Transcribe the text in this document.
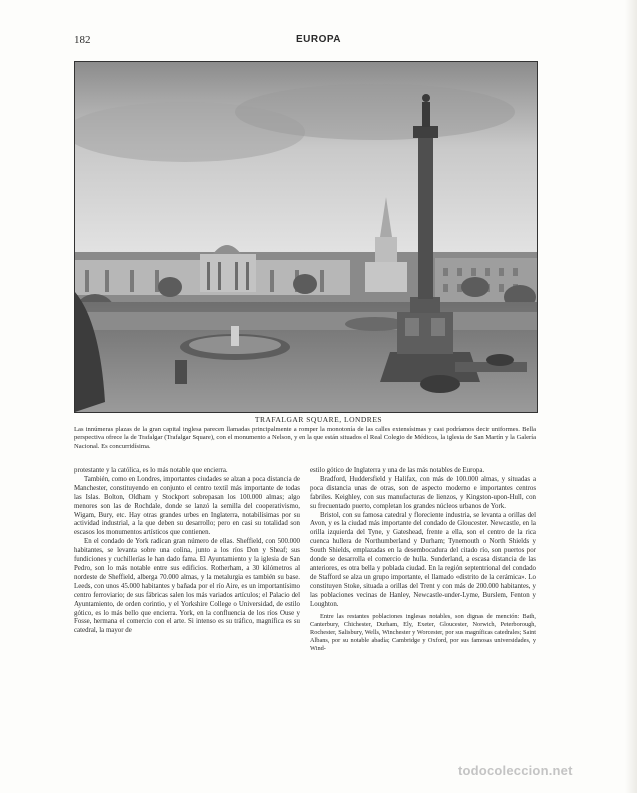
182	EUROPA
TRAFALGAR SQUARE, LONDRES
Las innúmeras plazas de la gran capital inglesa parecen llamadas principalmente a romper la monotonía de las calles extensísimas y casi podríamos decir uniformes. Bella perspectiva ofrece la de Trafalgar (Trafalgar Square), con el monumento a Nelson, y en la que están situados el Real Colegio de Médicos, la iglesia de San Martín y la Galería Nacional. Es concurridísima.

protestante y la católica, es lo más notable que encierra.

También, como en Londres, importantes ciudades se alzan a poca distancia de Manchester, constituyendo en conjunto el centro textil más importante de todas las Islas. Bolton, Oldham y Stockport sobrepasan los 100.000 almas; algo menores son las de Rochdale, donde se lanzó la semilla del cooperativismo, Wigam, Bury, etc. Hay otras grandes urbes en Inglaterra, notabilísimas por su actividad industrial, a la que deben su desarrollo; pero en casi su totalidad son escasos los monumentos artísticos que contienen.

En el condado de York radican gran número de ellas. Sheffield, con 500.000 habitantes, se levanta sobre una colina, junto a los ríos Don y Sheaf; sus fundiciones y cuchillerías le han dado fama. El Ayuntamiento y la iglesia de San Pedro, son lo más notable entre sus edificios. Rotherham, a 30 kilómetros al nordeste de Sheffield, alberga 70.000 almas, y la metalurgia es también su base. Leeds, con unos 45.000 habitantes y bañada por el río Aire, es un importantísimo centro ferroviario; de sus fábricas salen los más variados artículos; el Palacio del Ayuntamiento, de orden corintio, y el Yorkshire College o Universidad, de estilo gótico, es lo más bello que encierra. York, en la confluencia de los ríos Ouse y Fosse, hermana el comercio con el arte. Si intenso es su tráfico, magnífica es su catedral, la mayor de

estilo gótico de Inglaterra y una de las más notables de Europa.

Bradford, Huddersfield y Halifax, con más de 100.000 almas, y situadas a poca distancia unas de otras, son de aspecto moderno e importantes centros fabriles. Keighley, con sus manufacturas de lienzos, y Kingston-upon-Hull, con su frecuentado puerto, completan los grandes núcleos urbanos de York.

Bristol, con su famosa catedral y floreciente industria, se levanta a orillas del Avon, y es la ciudad más importante del condado de Gloucester. Newcastle, en la orilla izquierda del Tyne, y Gateshead, frente a ella, son el centro de la rica cuenca hullera de Northumberland y Durham; Tynemouth o North Shields y South Shields, emplazadas en la desembocadura del citado río, son puertos por donde se desarrolla el comercio de hulla. Sunderland, a escasa distancia de las anteriores, es otra bella y poblada ciudad. En la región septentrional del condado de Stafford se alza un grupo importante, el llamado «distrito de la cerámica». Lo constituyen Stoke, situada a orillas del Trent y con más de 200.000 habitantes, y las poblaciones vecinas de Hanley, Newcastle-under-Lyme, Burslem, Fenton y Loughton.

Entre las restantes poblaciones inglesas notables, son dignas de mención: Bath, Canterbury, Chichester, Durham, Ely, Exeter, Gloucester, Norwich, Peterborough, Rochester, Salisbury, Wells, Winchester y Worcester, por sus magníficas catedrales; Saint Albans, por su notable abadía; Cambridge y Oxford, por sus famosas universidades, y Wind-

todocoleccion.net
